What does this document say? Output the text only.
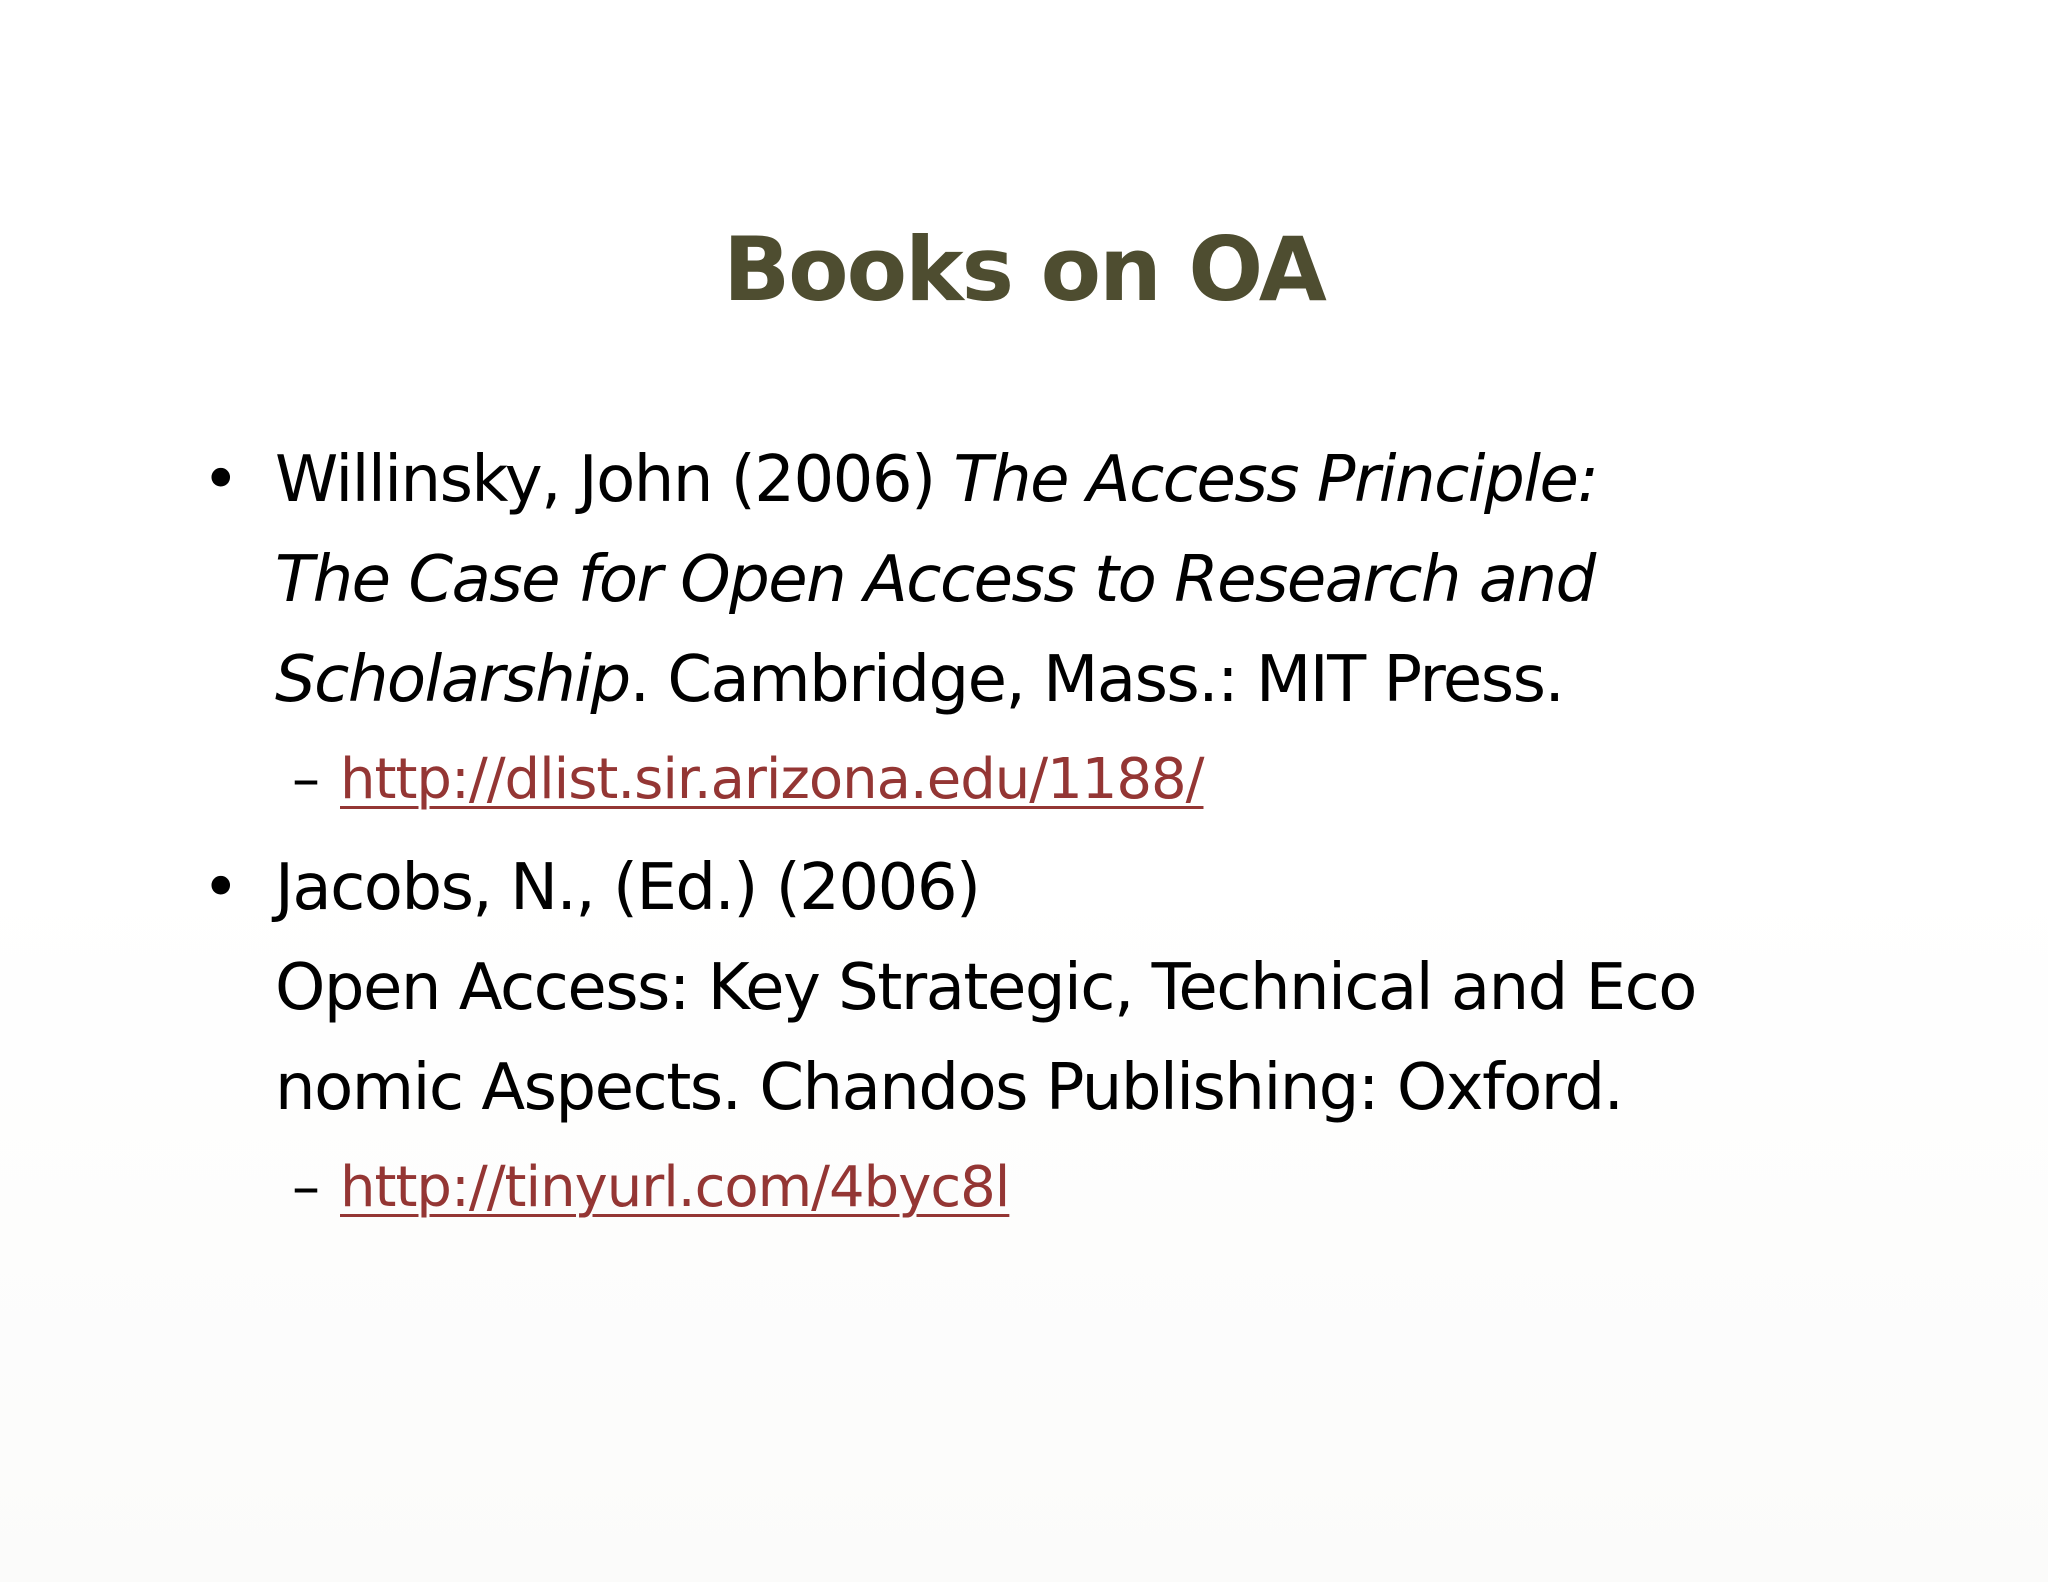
Books on OA
• Willinsky, John (2006) The Access Principle:
The Case for Open Access to Research and
Scholarship. Cambridge, Mass.: MIT Press.
– http://dlist.sir.arizona.edu/1188/
• Jacobs, N., (Ed.) (2006)
Open Access: Key Strategic, Technical and Eco
nomic Aspects. Chandos Publishing: Oxford.
– http://tinyurl.com/4byc8l
